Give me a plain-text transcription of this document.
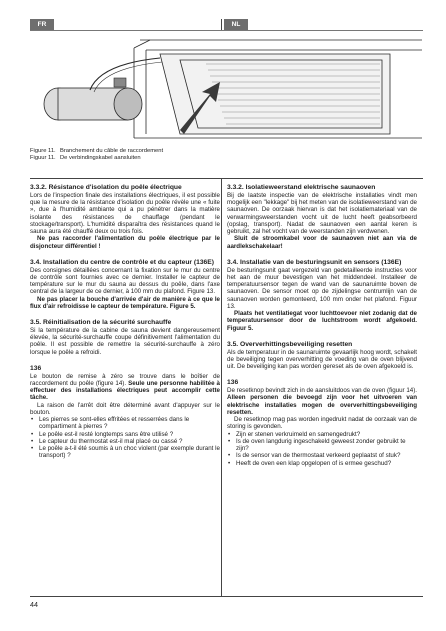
FR	NL
Figure 11. Branchement du câble de raccordement
Figuur 11. De verbindingskabel aansluiten
3.3.2. Résistance d'isolation du poêle électrique

Lors de l'inspection finale des installations électriques, il est possible que la mesure de la résistance d'isolation du poêle révèle une « fuite », due à l'humidité ambiante qui a pu pénétrer dans la matière isolante des résistances de chauffage (pendant le stockage/transport). L'humidité disparaîtra des résistances quand le sauna aura été chauffé deux ou trois fois.

Ne pas raccorder l'alimentation du poêle électrique par le disjoncteur différentiel !

3.4. Installation du centre de contrôle et du capteur (136E)

Des consignes détaillées concernant la fixation sur le mur du centre de contrôle sont fournies avec ce dernier. Installer le capteur de température sur le mur du sauna au dessus du poêle, dans l'axe central de la largeur de ce dernier, à 100 mm du plafond. Figure 13.

Ne pas placer la bouche d'arrivée d'air de manière à ce que le flux d'air refroidisse le capteur de température. Figure 5.

3.5. Réinitialisation de la sécurité surchauffe

Si la température de la cabine de sauna devient dangereusement élevée, la sécurité-surchauffe coupe définitivement l'alimentation du poêle. Il est possible de remettre la sécurité-surchauffe à zéro lorsque le poêle a refroidi.

136

Le bouton de remise à zéro se trouve dans le boîtier de raccordement du poêle (figure 14). Seule une personne habilitée à effectuer des installations électriques peut accomplir cette tâche.

La raison de l'arrêt doit être déterminé avant d'appuyer sur le bouton.

• Les pierres se sont-elles effritées et resserrées dans le compartiment à pierres ?
• Le poêle est-il resté longtemps sans être utilisé ?
• Le capteur du thermostat est-il mal placé ou cassé ?
• Le poêle a-t-il été soumis à un choc violent (par exemple durant le transport) ?
3.3.2. Isolatieweerstand elektrische saunaoven

Bij de laatste inspectie van de elektrische installaties vindt men mogelijk een "lekkage" bij het meten van de isolatieweerstand van de saunaoven. De oorzaak hiervan is dat het isolatiemateriaal van de verwarmingsweerstanden vocht uit de lucht heeft geabsorbeerd (opslag, transport). Nadat de saunaoven een aantal keren is gebruikt, zal het vocht van de weerstanden zijn verdwenen.

Sluit de stroomkabel voor de saunaoven niet aan via de aardlekschakelaar!

3.4. Installatie van de besturingsunit en sensors (136E)

De besturingsunit gaat vergezeld van gedetailleerde instructies voor het aan de muur bevestigen van het middendeel. Installeer de temperatuursensor tegen de wand van de saunaruimte boven de saunaoven. De sensor moet op de zijdelingse centrumlijn van de saunaoven worden gemonteerd, 100 mm onder het plafond. Figuur 13.

Plaats het ventilatiegat voor luchttoevoer niet zodanig dat de temperatuursensor door de luchtstroom wordt afgekoeld. Figuur 5.

3.5. Oververhittingsbeveiliging resetten

Als de temperatuur in de saunaruimte gevaarlijk hoog wordt, schakelt de beveiliging tegen oververhitting de voeding van de oven blijvend uit. De beveiliging kan pas worden gereset als de oven afgekoeld is.

136

De resetknop bevindt zich in de aansluitdoos van de oven (figuur 14). Alleen personen die bevoegd zijn voor het uitvoeren van elektrische installaties mogen de oververhittingsbeveiliging resetten.

De resetknop mag pas worden ingedrukt nadat de oorzaak van de storing is gevonden.

• Zijn er stenen verkruimeld en samengedrukt?
• Is de oven langdurig ingeschakeld geweest zonder gebruikt te zijn?
• Is de sensor van de thermostaat verkeerd geplaatst of stuk?
• Heeft de oven een klap opgelopen of is ermee geschud?
44
